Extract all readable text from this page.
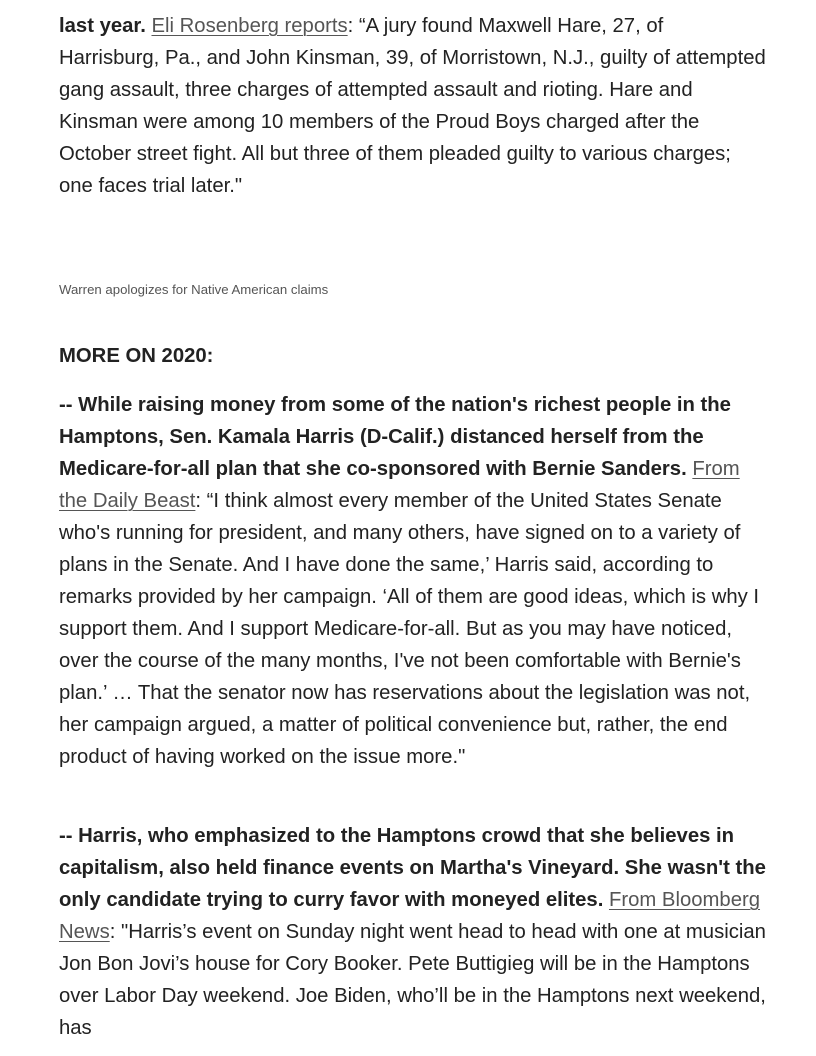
last year. Eli Rosenberg reports: “A jury found Maxwell Hare, 27, of Harrisburg, Pa., and John Kinsman, 39, of Morristown, N.J., guilty of attempted gang assault, three charges of attempted assault and rioting. Hare and Kinsman were among 10 members of the Proud Boys charged after the October street fight. All but three of them pleaded guilty to various charges; one faces trial later."

Warren apologizes for Native American claims

MORE ON 2020:

-- While raising money from some of the nation's richest people in the Hamptons, Sen. Kamala Harris (D-Calif.) distanced herself from the Medicare-for-all plan that she co-sponsored with Bernie Sanders. From the Daily Beast: “I think almost every member of the United States Senate who's running for president, and many others, have signed on to a variety of plans in the Senate. And I have done the same,’ Harris said, according to remarks provided by her campaign. ‘All of them are good ideas, which is why I support them. And I support Medicare-for-all. But as you may have noticed, over the course of the many months, I've not been comfortable with Bernie's plan.’ … That the senator now has reservations about the legislation was not, her campaign argued, a matter of political convenience but, rather, the end product of having worked on the issue more."

-- Harris, who emphasized to the Hamptons crowd that she believes in capitalism, also held finance events on Martha's Vineyard. She wasn't the only candidate trying to curry favor with moneyed elites. From Bloomberg News: "Harris’s event on Sunday night went head to head with one at musician Jon Bon Jovi’s house for Cory Booker. Pete Buttigieg will be in the Hamptons over Labor Day weekend. Joe Biden, who’ll be in the Hamptons next weekend, has
